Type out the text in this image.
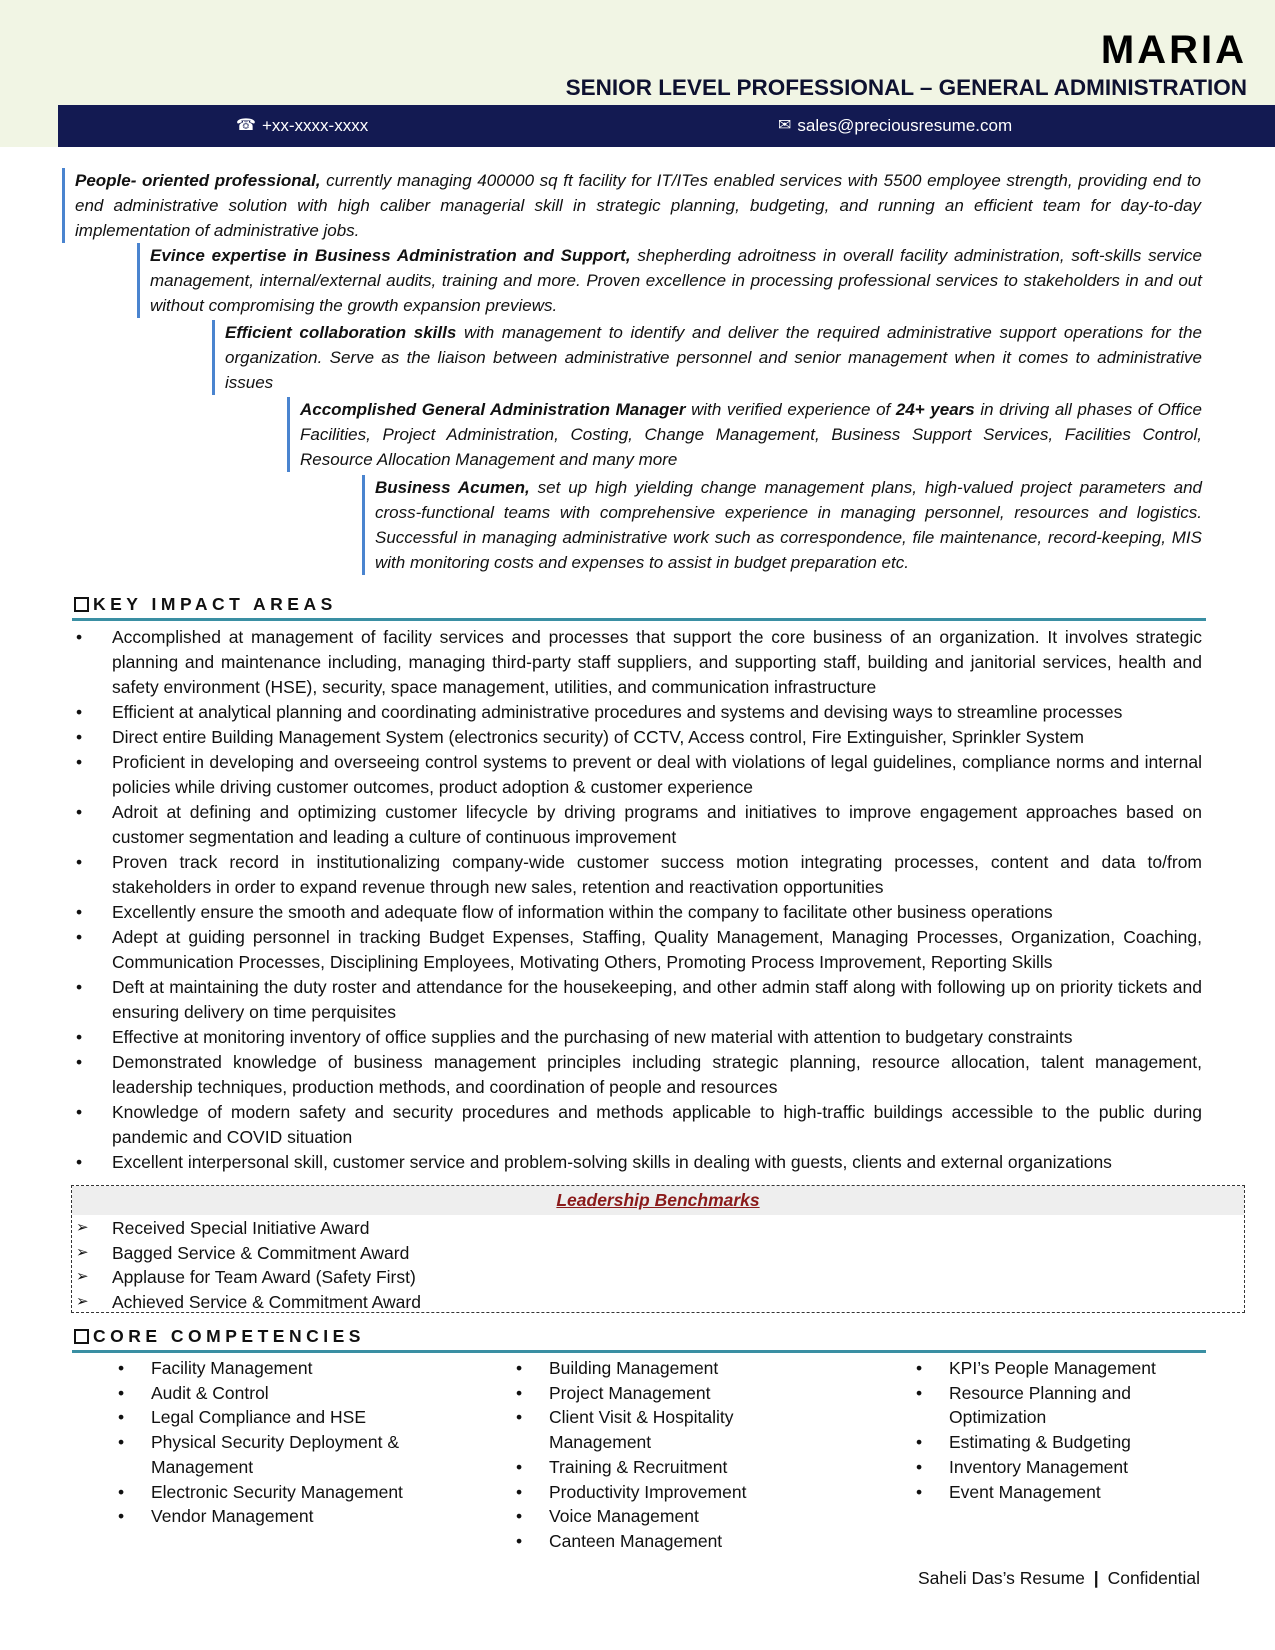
MARIA
SENIOR LEVEL PROFESSIONAL – GENERAL ADMINISTRATION
☎ +xx-xxxx-xxxx	✉ sales@preciousresume.com
People- oriented professional, currently managing 400000 sq ft facility for IT/ITes enabled services with 5500 employee strength, providing end to end administrative solution with high caliber managerial skill in strategic planning, budgeting, and running an efficient team for day-to-day implementation of administrative jobs.
Evince expertise in Business Administration and Support, shepherding adroitness in overall facility administration, soft-skills service management, internal/external audits, training and more. Proven excellence in processing professional services to stakeholders in and out without compromising the growth expansion previews.
Efficient collaboration skills with management to identify and deliver the required administrative support operations for the organization. Serve as the liaison between administrative personnel and senior management when it comes to administrative issues
Accomplished General Administration Manager with verified experience of 24+ years in driving all phases of Office Facilities, Project Administration, Costing, Change Management, Business Support Services, Facilities Control, Resource Allocation Management and many more
Business Acumen, set up high yielding change management plans, high-valued project parameters and cross-functional teams with comprehensive experience in managing personnel, resources and logistics. Successful in managing administrative work such as correspondence, file maintenance, record-keeping, MIS with monitoring costs and expenses to assist in budget preparation etc.
KEY IMPACT AREAS
• Accomplished at management of facility services and processes that support the core business of an organization. It involves strategic planning and maintenance including, managing third-party staff suppliers, and supporting staff, building and janitorial services, health and safety environment (HSE), security, space management, utilities, and communication infrastructure
• Efficient at analytical planning and coordinating administrative procedures and systems and devising ways to streamline processes
• Direct entire Building Management System (electronics security) of CCTV, Access control, Fire Extinguisher, Sprinkler System
• Proficient in developing and overseeing control systems to prevent or deal with violations of legal guidelines, compliance norms and internal policies while driving customer outcomes, product adoption & customer experience
• Adroit at defining and optimizing customer lifecycle by driving programs and initiatives to improve engagement approaches based on customer segmentation and leading a culture of continuous improvement
• Proven track record in institutionalizing company-wide customer success motion integrating processes, content and data to/from stakeholders in order to expand revenue through new sales, retention and reactivation opportunities
• Excellently ensure the smooth and adequate flow of information within the company to facilitate other business operations
• Adept at guiding personnel in tracking Budget Expenses, Staffing, Quality Management, Managing Processes, Organization, Coaching, Communication Processes, Disciplining Employees, Motivating Others, Promoting Process Improvement, Reporting Skills
• Deft at maintaining the duty roster and attendance for the housekeeping, and other admin staff along with following up on priority tickets and ensuring delivery on time perquisites
• Effective at monitoring inventory of office supplies and the purchasing of new material with attention to budgetary constraints
• Demonstrated knowledge of business management principles including strategic planning, resource allocation, talent management, leadership techniques, production methods, and coordination of people and resources
• Knowledge of modern safety and security procedures and methods applicable to high-traffic buildings accessible to the public during pandemic and COVID situation
• Excellent interpersonal skill, customer service and problem-solving skills in dealing with guests, clients and external organizations
Leadership Benchmarks
➢ Received Special Initiative Award
➢ Bagged Service & Commitment Award
➢ Applause for Team Award (Safety First)
➢ Achieved Service & Commitment Award
CORE COMPETENCIES
• Facility Management
• Audit & Control
• Legal Compliance and HSE
• Physical Security Deployment & Management
• Electronic Security Management
• Vendor Management
• Building Management
• Project Management
• Client Visit & Hospitality Management
• Training & Recruitment
• Productivity Improvement
• Voice Management
• Canteen Management
• KPI’s People Management
• Resource Planning and Optimization
• Estimating & Budgeting
• Inventory Management
• Event Management
Saheli Das’s Resume | Confidential
